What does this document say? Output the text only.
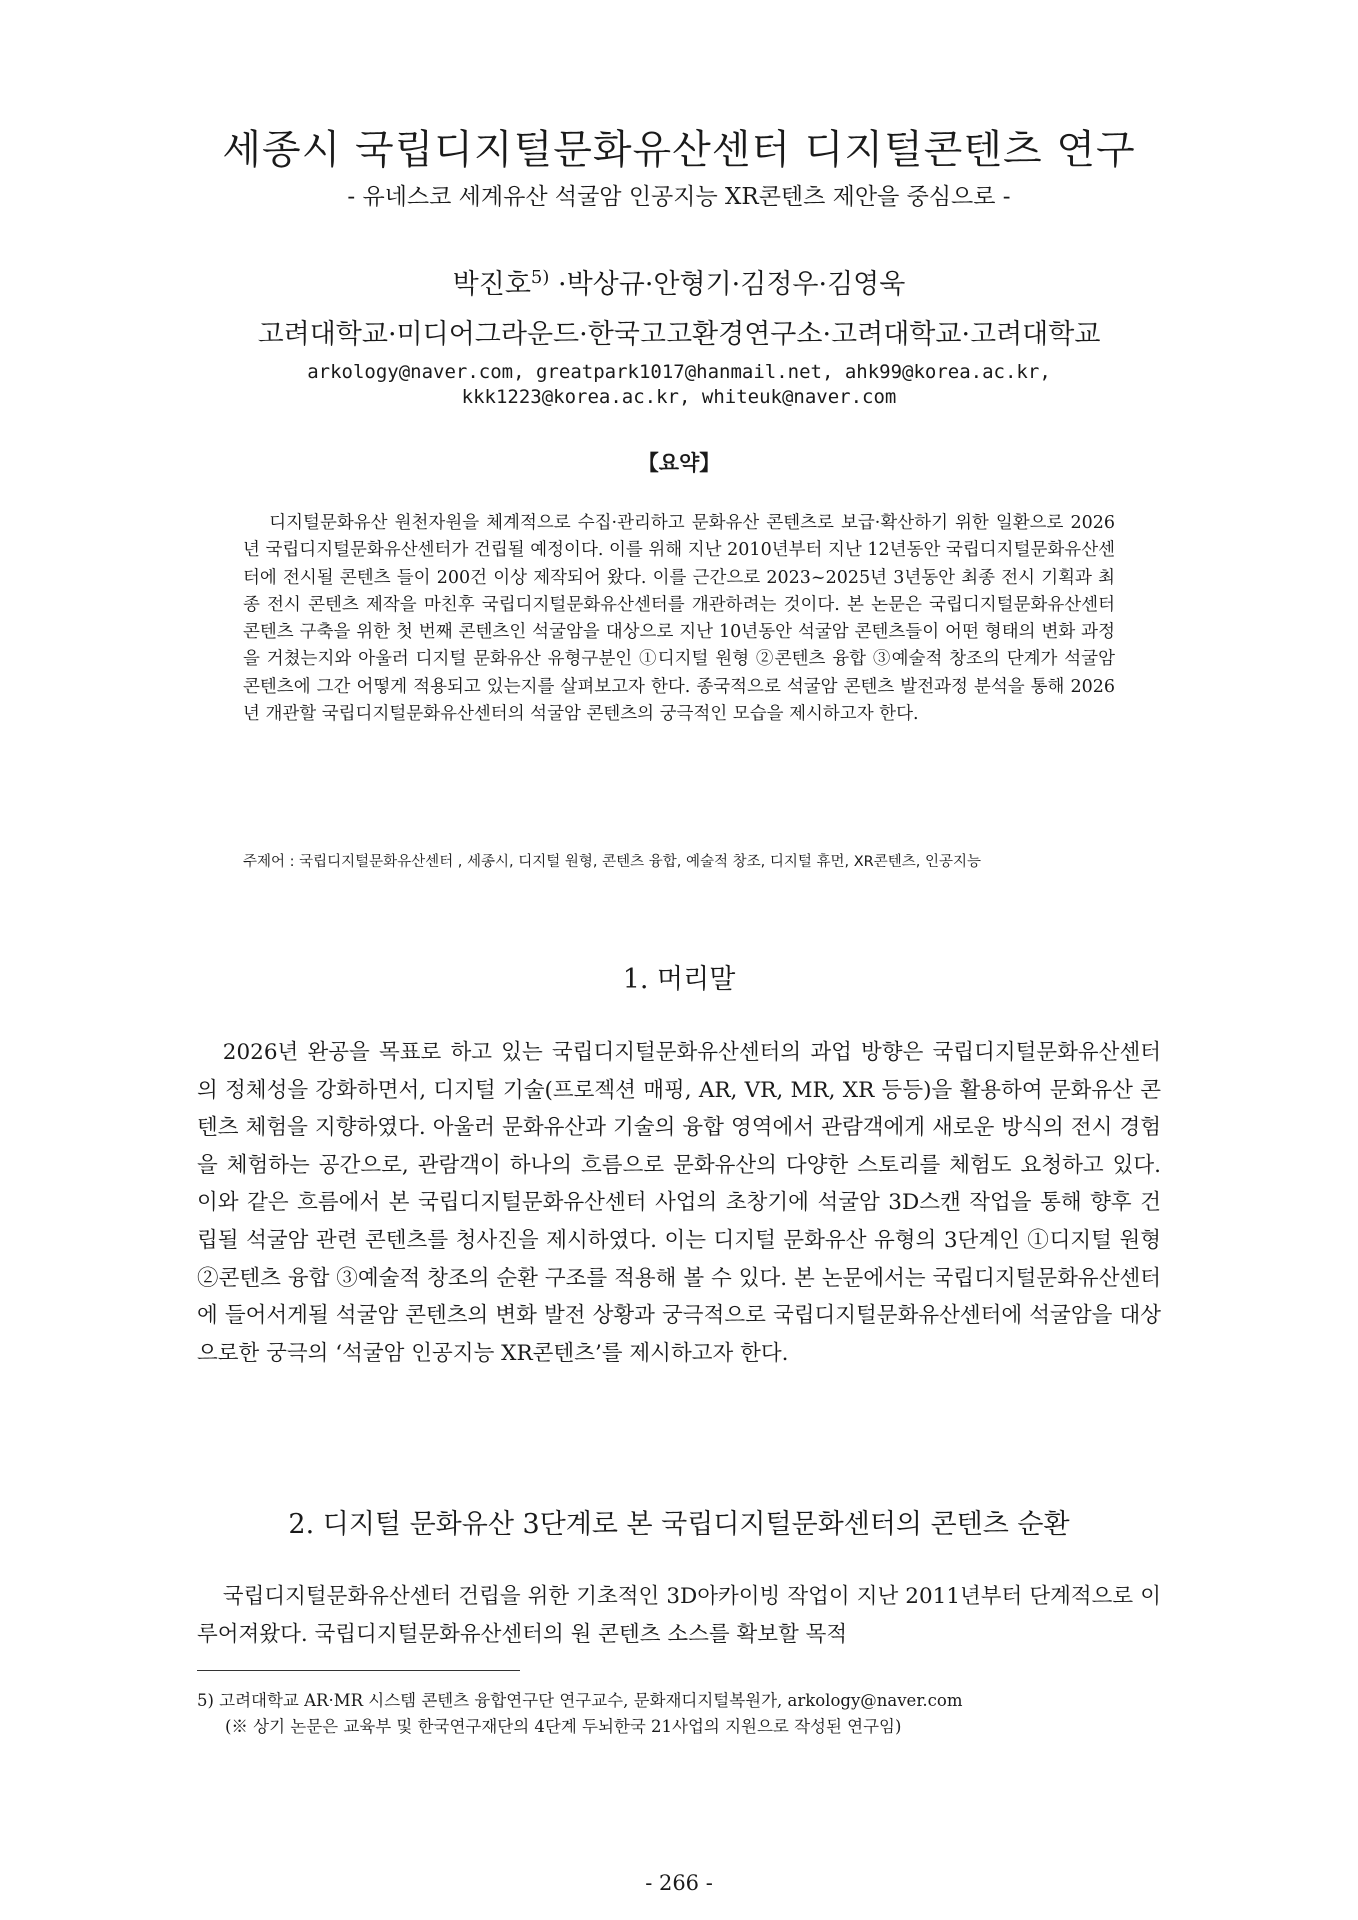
세종시 국립디지털문화유산센터 디지털콘텐츠 연구
- 유네스코 세계유산 석굴암 인공지능 XR콘텐츠 제안을 중심으로 -
박진호$^{5)}$ ·박상규·안형기·김정우·김영욱
고려대학교·미디어그라운드·한국고고환경연구소·고려대학교·고려대학교
arkology@naver.com, greatpark1017@hanmail.net, ahk99@korea.ac.kr,
kkk1223@korea.ac.kr, whiteuk@naver.com
【요약】
디지털문화유산 원천자원을 체계적으로 수집·관리하고 문화유산 콘텐츠로 보급·확산하기 위한 일환으로 2026년 국립디지털문화유산센터가 건립될 예정이다. 이를 위해 지난 2010년부터 지난 12년동안 국립디지털문화유산센터에 전시될 콘텐츠 들이 200건 이상 제작되어 왔다. 이를 근간으로 2023~2025년 3년동안 최종 전시 기획과 최종 전시 콘텐츠 제작을 마친후 국립디지털문화유산센터를 개관하려는 것이다. 본 논문은 국립디지털문화유산센터 콘텐츠 구축을 위한 첫 번째 콘텐츠인 석굴암을 대상으로 지난 10년동안 석굴암 콘텐츠들이 어떤 형태의 변화 과정을 거쳤는지와 아울러 디지털 문화유산 유형구분인 ①디지털 원형 ②콘텐츠 융합 ③예술적 창조의 단계가 석굴암 콘텐츠에 그간 어떻게 적용되고 있는지를 살펴보고자 한다. 종국적으로 석굴암 콘텐츠 발전과정 분석을 통해 2026년 개관할 국립디지털문화유산센터의 석굴암 콘텐츠의 궁극적인 모습을 제시하고자 한다.
주제어 : 국립디지털문화유산센터 , 세종시, 디지털 원형, 콘텐츠 융합, 예술적 창조, 디지털 휴먼, XR콘텐츠, 인공지능
1. 머리말
2026년 완공을 목표로 하고 있는 국립디지털문화유산센터의 과업 방향은 국립디지털문화유산센터의 정체성을 강화하면서, 디지털 기술(프로젝션 매핑, AR, VR, MR, XR 등등)을 활용하여 문화유산 콘텐츠 체험을 지향하였다. 아울러 문화유산과 기술의 융합 영역에서 관람객에게 새로운 방식의 전시 경험을 체험하는 공간으로, 관람객이 하나의 흐름으로 문화유산의 다양한 스토리를 체험도 요청하고 있다. 이와 같은 흐름에서 본 국립디지털문화유산센터 사업의 초창기에 석굴암 3D스캔 작업을 통해 향후 건립될 석굴암 관련 콘텐츠를 청사진을 제시하였다. 이는 디지털 문화유산 유형의 3단계인 ①디지털 원형 ②콘텐츠 융합 ③예술적 창조의 순환 구조를 적용해 볼 수 있다. 본 논문에서는 국립디지털문화유산센터에 들어서게될 석굴암 콘텐츠의 변화 발전 상황과 궁극적으로 국립디지털문화유산센터에 석굴암을 대상으로한 궁극의 ‘석굴암 인공지능 XR콘텐츠’를 제시하고자 한다.
2. 디지털 문화유산 3단계로 본 국립디지털문화센터의 콘텐츠 순환
국립디지털문화유산센터 건립을 위한 기초적인 3D아카이빙 작업이 지난 2011년부터 단계적으로 이루어져왔다. 국립디지털문화유산센터의 원 콘텐츠 소스를 확보할 목적
5) 고려대학교 AR·MR 시스템 콘텐츠 융합연구단 연구교수, 문화재디지털복원가, arkology@naver.com
(※ 상기 논문은 교육부 및 한국연구재단의 4단계 두뇌한국 21사업의 지원으로 작성된 연구임)
- 266 -
